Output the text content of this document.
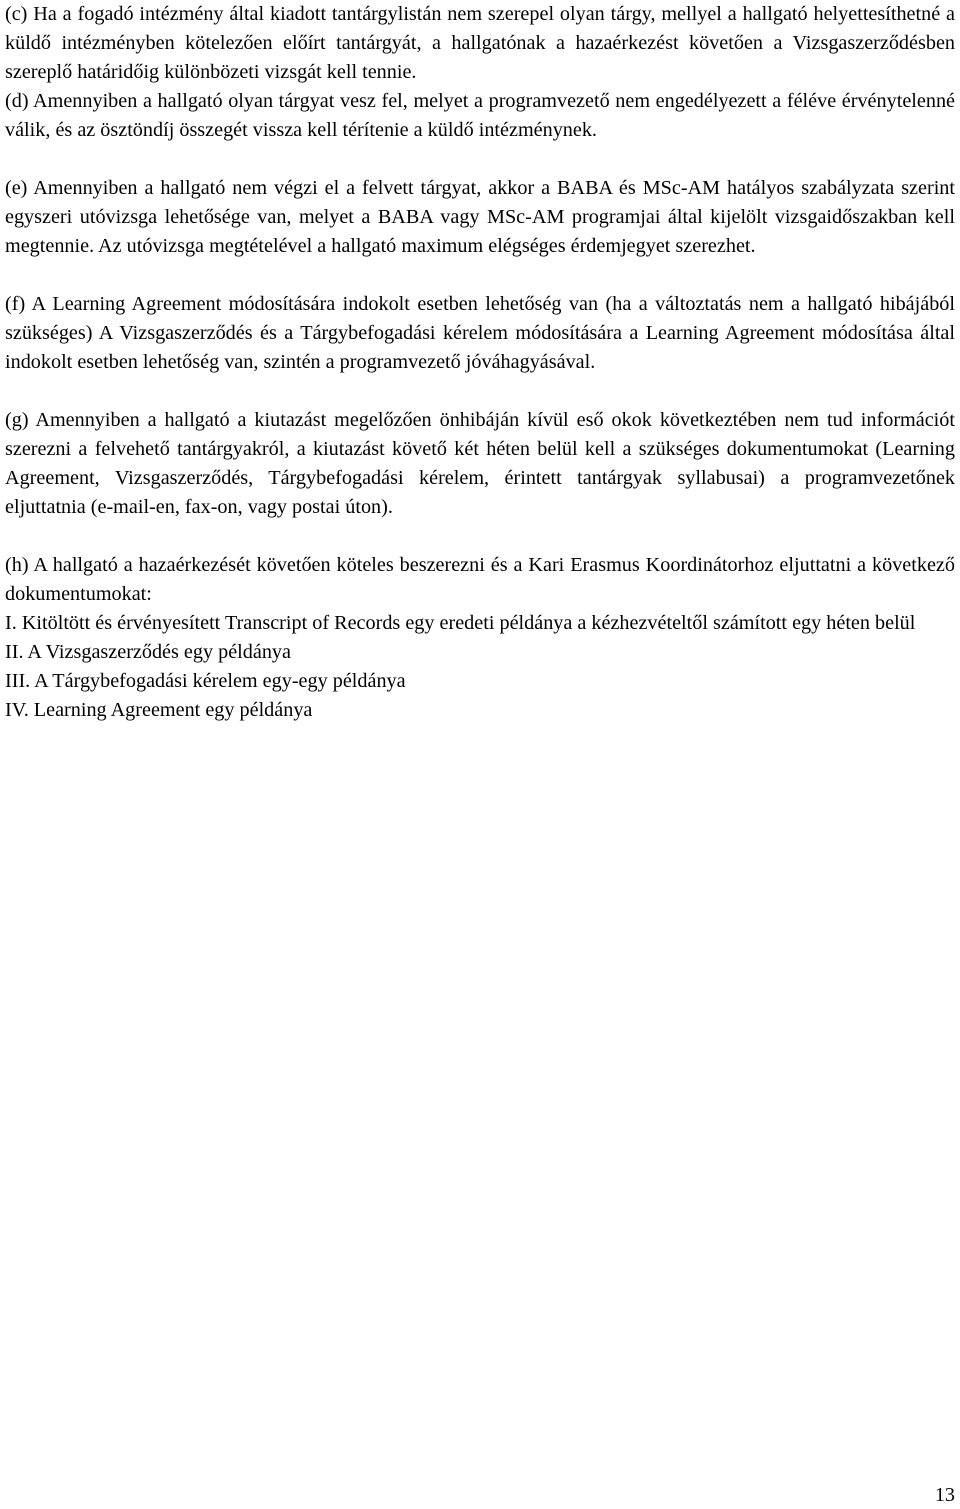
(c) Ha a fogadó intézmény által kiadott tantárgylistán nem szerepel olyan tárgy, mellyel a hallgató helyettesíthetné a küldő intézményben kötelezően előírt tantárgyát, a hallgatónak a hazaérkezést követően a Vizsgaszerződésben szereplő határidőig különbözeti vizsgát kell tennie.

(d) Amennyiben a hallgató olyan tárgyat vesz fel, melyet a programvezető nem engedélyezett a féléve érvénytelenné válik, és az ösztöndíj összegét vissza kell térítenie a küldő intézménynek.

(e) Amennyiben a hallgató nem végzi el a felvett tárgyat, akkor a BABA és MSc-AM hatályos szabályzata szerint egyszeri utóvizsga lehetősége van, melyet a BABA vagy MSc-AM programjai által kijelölt vizsgaidőszakban kell megtennie. Az utóvizsga megtételével a hallgató maximum elégséges érdemjegyet szerezhet.

(f) A Learning Agreement módosítására indokolt esetben lehetőség van (ha a változtatás nem a hallgató hibájából szükséges) A Vizsgaszerződés és a Tárgybefogadási kérelem módosítására a Learning Agreement módosítása által indokolt esetben lehetőség van, szintén a programvezető jóváhagyásával.

(g) Amennyiben a hallgató a kiutazást megelőzően önhibáján kívül eső okok következtében nem tud információt szerezni a felvehető tantárgyakról, a kiutazást követő két héten belül kell a szükséges dokumentumokat (Learning Agreement, Vizsgaszerződés, Tárgybefogadási kérelem, érintett tantárgyak syllabusai) a programvezetőnek eljuttatnia (e-mail-en, fax-on, vagy postai úton).

(h) A hallgató a hazaérkezését követően köteles beszerezni és a Kari Erasmus Koordinátorhoz eljuttatni a következő dokumentumokat:

I. Kitöltött és érvényesített Transcript of Records egy eredeti példánya a kézhezvételtől számított egy héten belül

II. A Vizsgaszerződés egy példánya

III. A Tárgybefogadási kérelem egy-egy példánya

IV. Learning Agreement egy példánya

13
